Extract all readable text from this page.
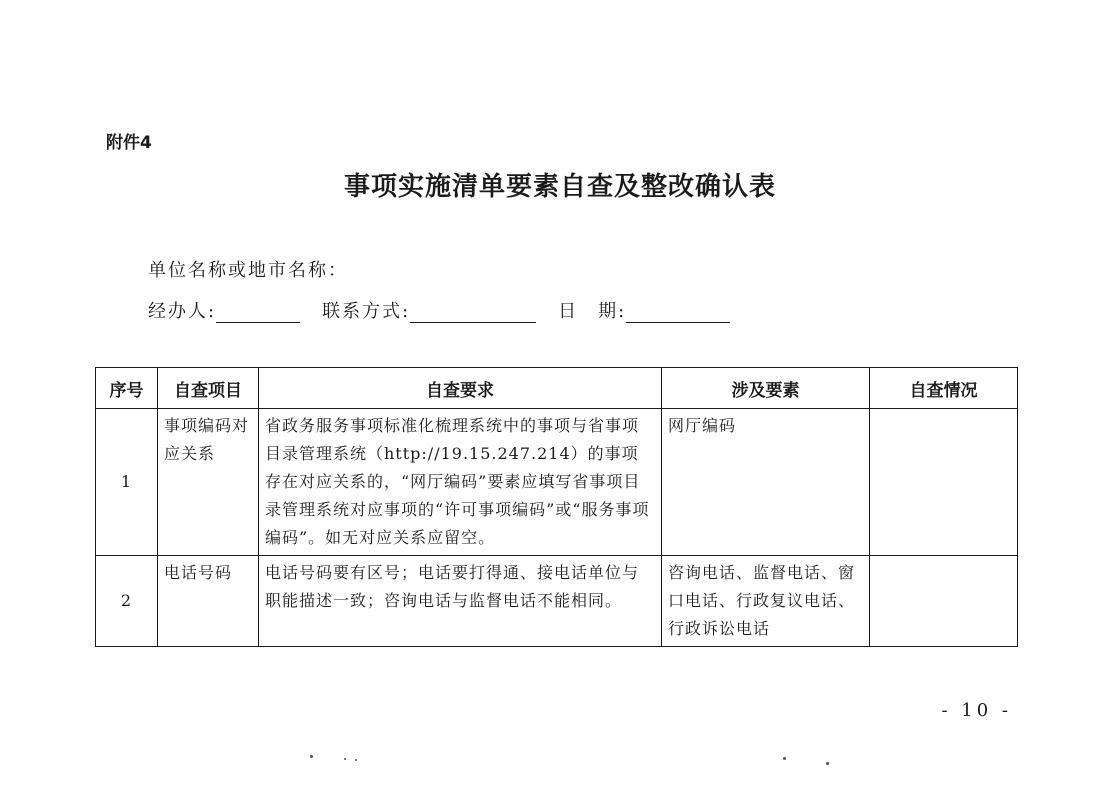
附件4
事项实施清单要素自查及整改确认表
单位名称或地市名称：
经办人:	联系方式:	日　期:
序号	自查项目	自查要求	涉及要素	自查情况
1	事项编码对应关系	省政务服务事项标准化梳理系统中的事项与省事项目录管理系统（http://19.15.247.214）的事项存在对应关系的，“网厅编码”要素应填写省事项目录管理系统对应事项的“许可事项编码”或“服务事项编码”。如无对应关系应留空。	网厅编码	
2	电话号码	电话号码要有区号；电话要打得通、接电话单位与职能描述一致；咨询电话与监督电话不能相同。	咨询电话、监督电话、窗口电话、行政复议电话、行政诉讼电话	
- 10 -
